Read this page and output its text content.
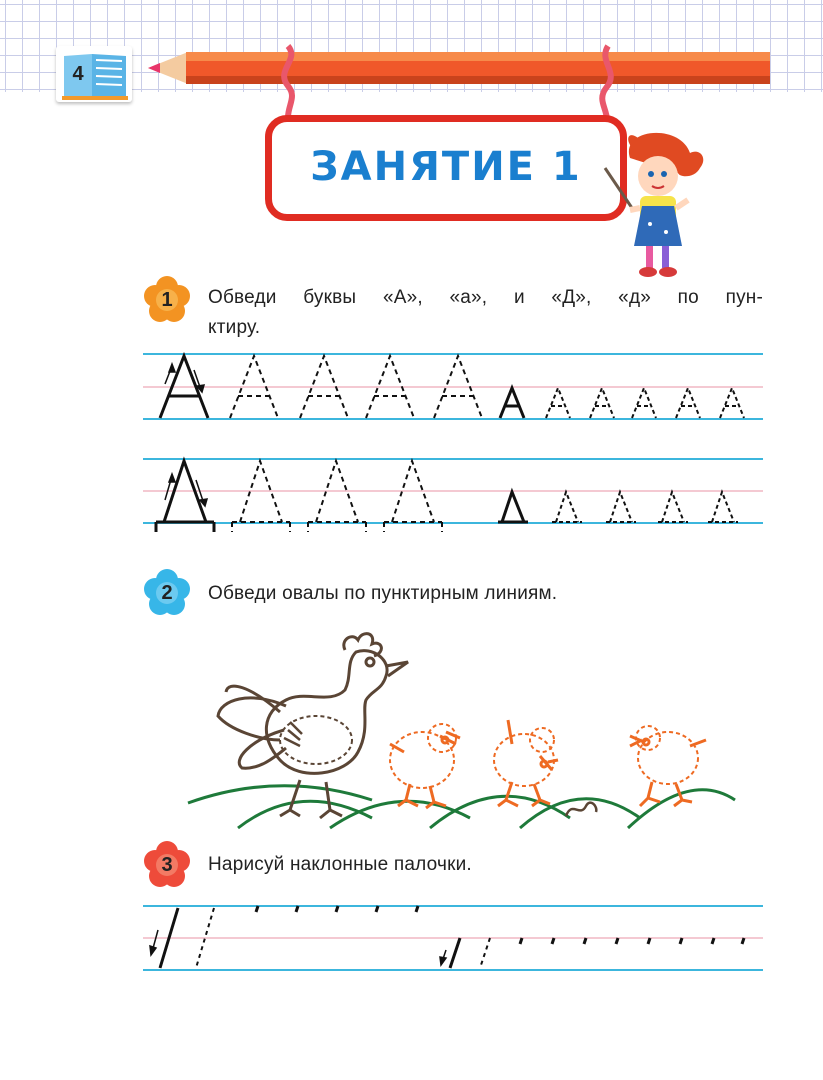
4
ЗАНЯТИЕ 1
1	Обведи буквы «А», «а», и «Д», «д» по пун-
ктиру.
2	Обведи овалы по пунктирным линиям.
3	Нарисуй наклонные палочки.
